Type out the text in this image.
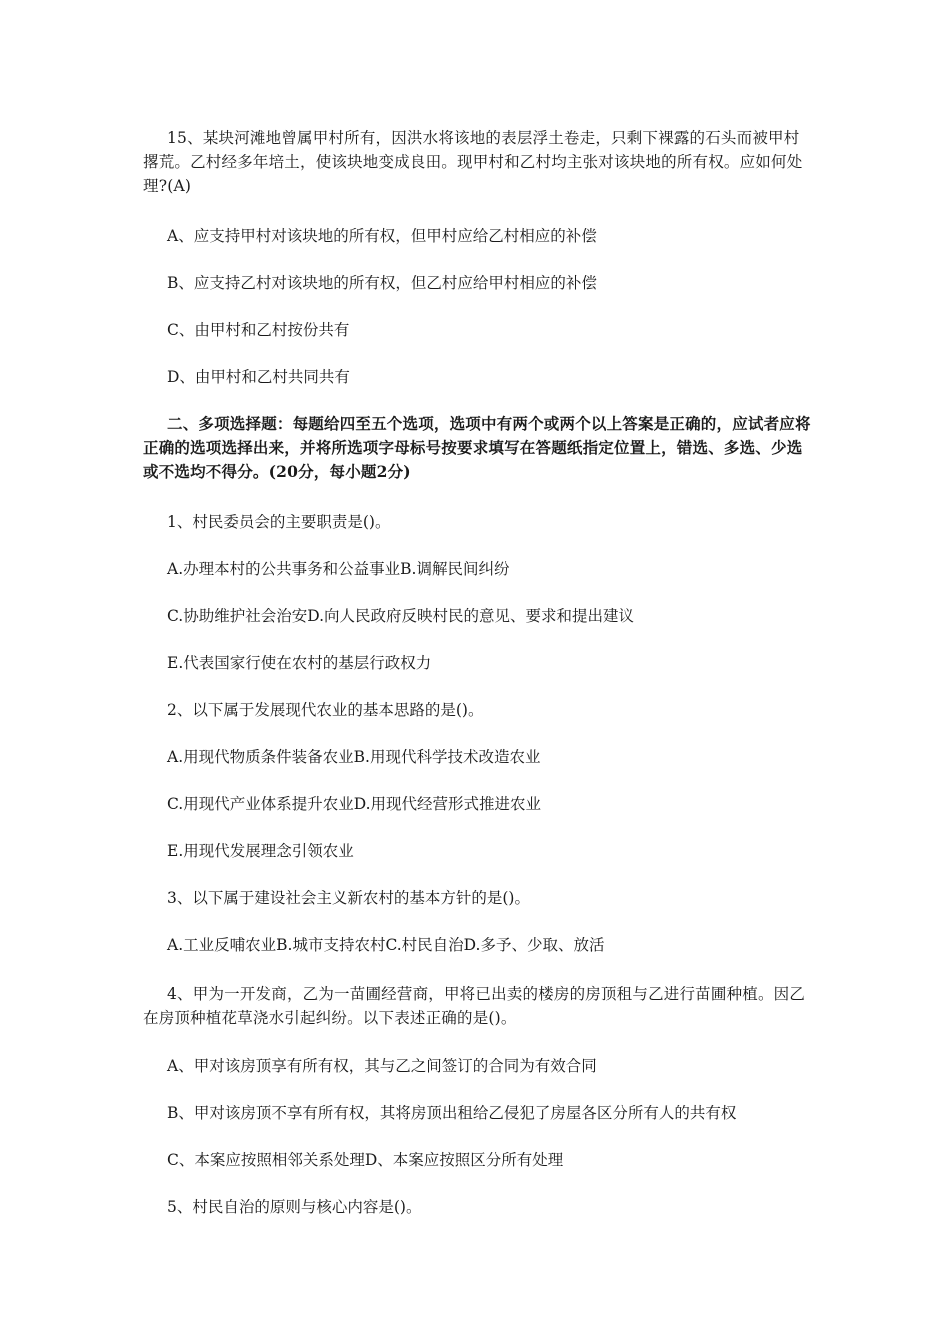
15、某块河滩地曾属甲村所有，因洪水将该地的表层浮土卷走，只剩下裸露的石头而被甲村撂荒。乙村经多年培土，使该块地变成良田。现甲村和乙村均主张对该块地的所有权。应如何处理?(A)
A、应支持甲村对该块地的所有权，但甲村应给乙村相应的补偿
B、应支持乙村对该块地的所有权，但乙村应给甲村相应的补偿
C、由甲村和乙村按份共有
D、由甲村和乙村共同共有
二、多项选择题：每题给四至五个选项，选项中有两个或两个以上答案是正确的，应试者应将正确的选项选择出来，并将所选项字母标号按要求填写在答题纸指定位置上，错选、多选、少选或不选均不得分。(20分，每小题2分)
1、村民委员会的主要职责是()。
A.办理本村的公共事务和公益事业B.调解民间纠纷
C.协助维护社会治安D.向人民政府反映村民的意见、要求和提出建议
E.代表国家行使在农村的基层行政权力
2、以下属于发展现代农业的基本思路的是()。
A.用现代物质条件装备农业B.用现代科学技术改造农业
C.用现代产业体系提升农业D.用现代经营形式推进农业
E.用现代发展理念引领农业
3、以下属于建设社会主义新农村的基本方针的是()。
A.工业反哺农业B.城市支持农村C.村民自治D.多予、少取、放活
4、甲为一开发商，乙为一苗圃经营商，甲将已出卖的楼房的房顶租与乙进行苗圃种植。因乙在房顶种植花草浇水引起纠纷。以下表述正确的是()。
A、甲对该房顶享有所有权，其与乙之间签订的合同为有效合同
B、甲对该房顶不享有所有权，其将房顶出租给乙侵犯了房屋各区分所有人的共有权
C、本案应按照相邻关系处理D、本案应按照区分所有处理
5、村民自治的原则与核心内容是()。
